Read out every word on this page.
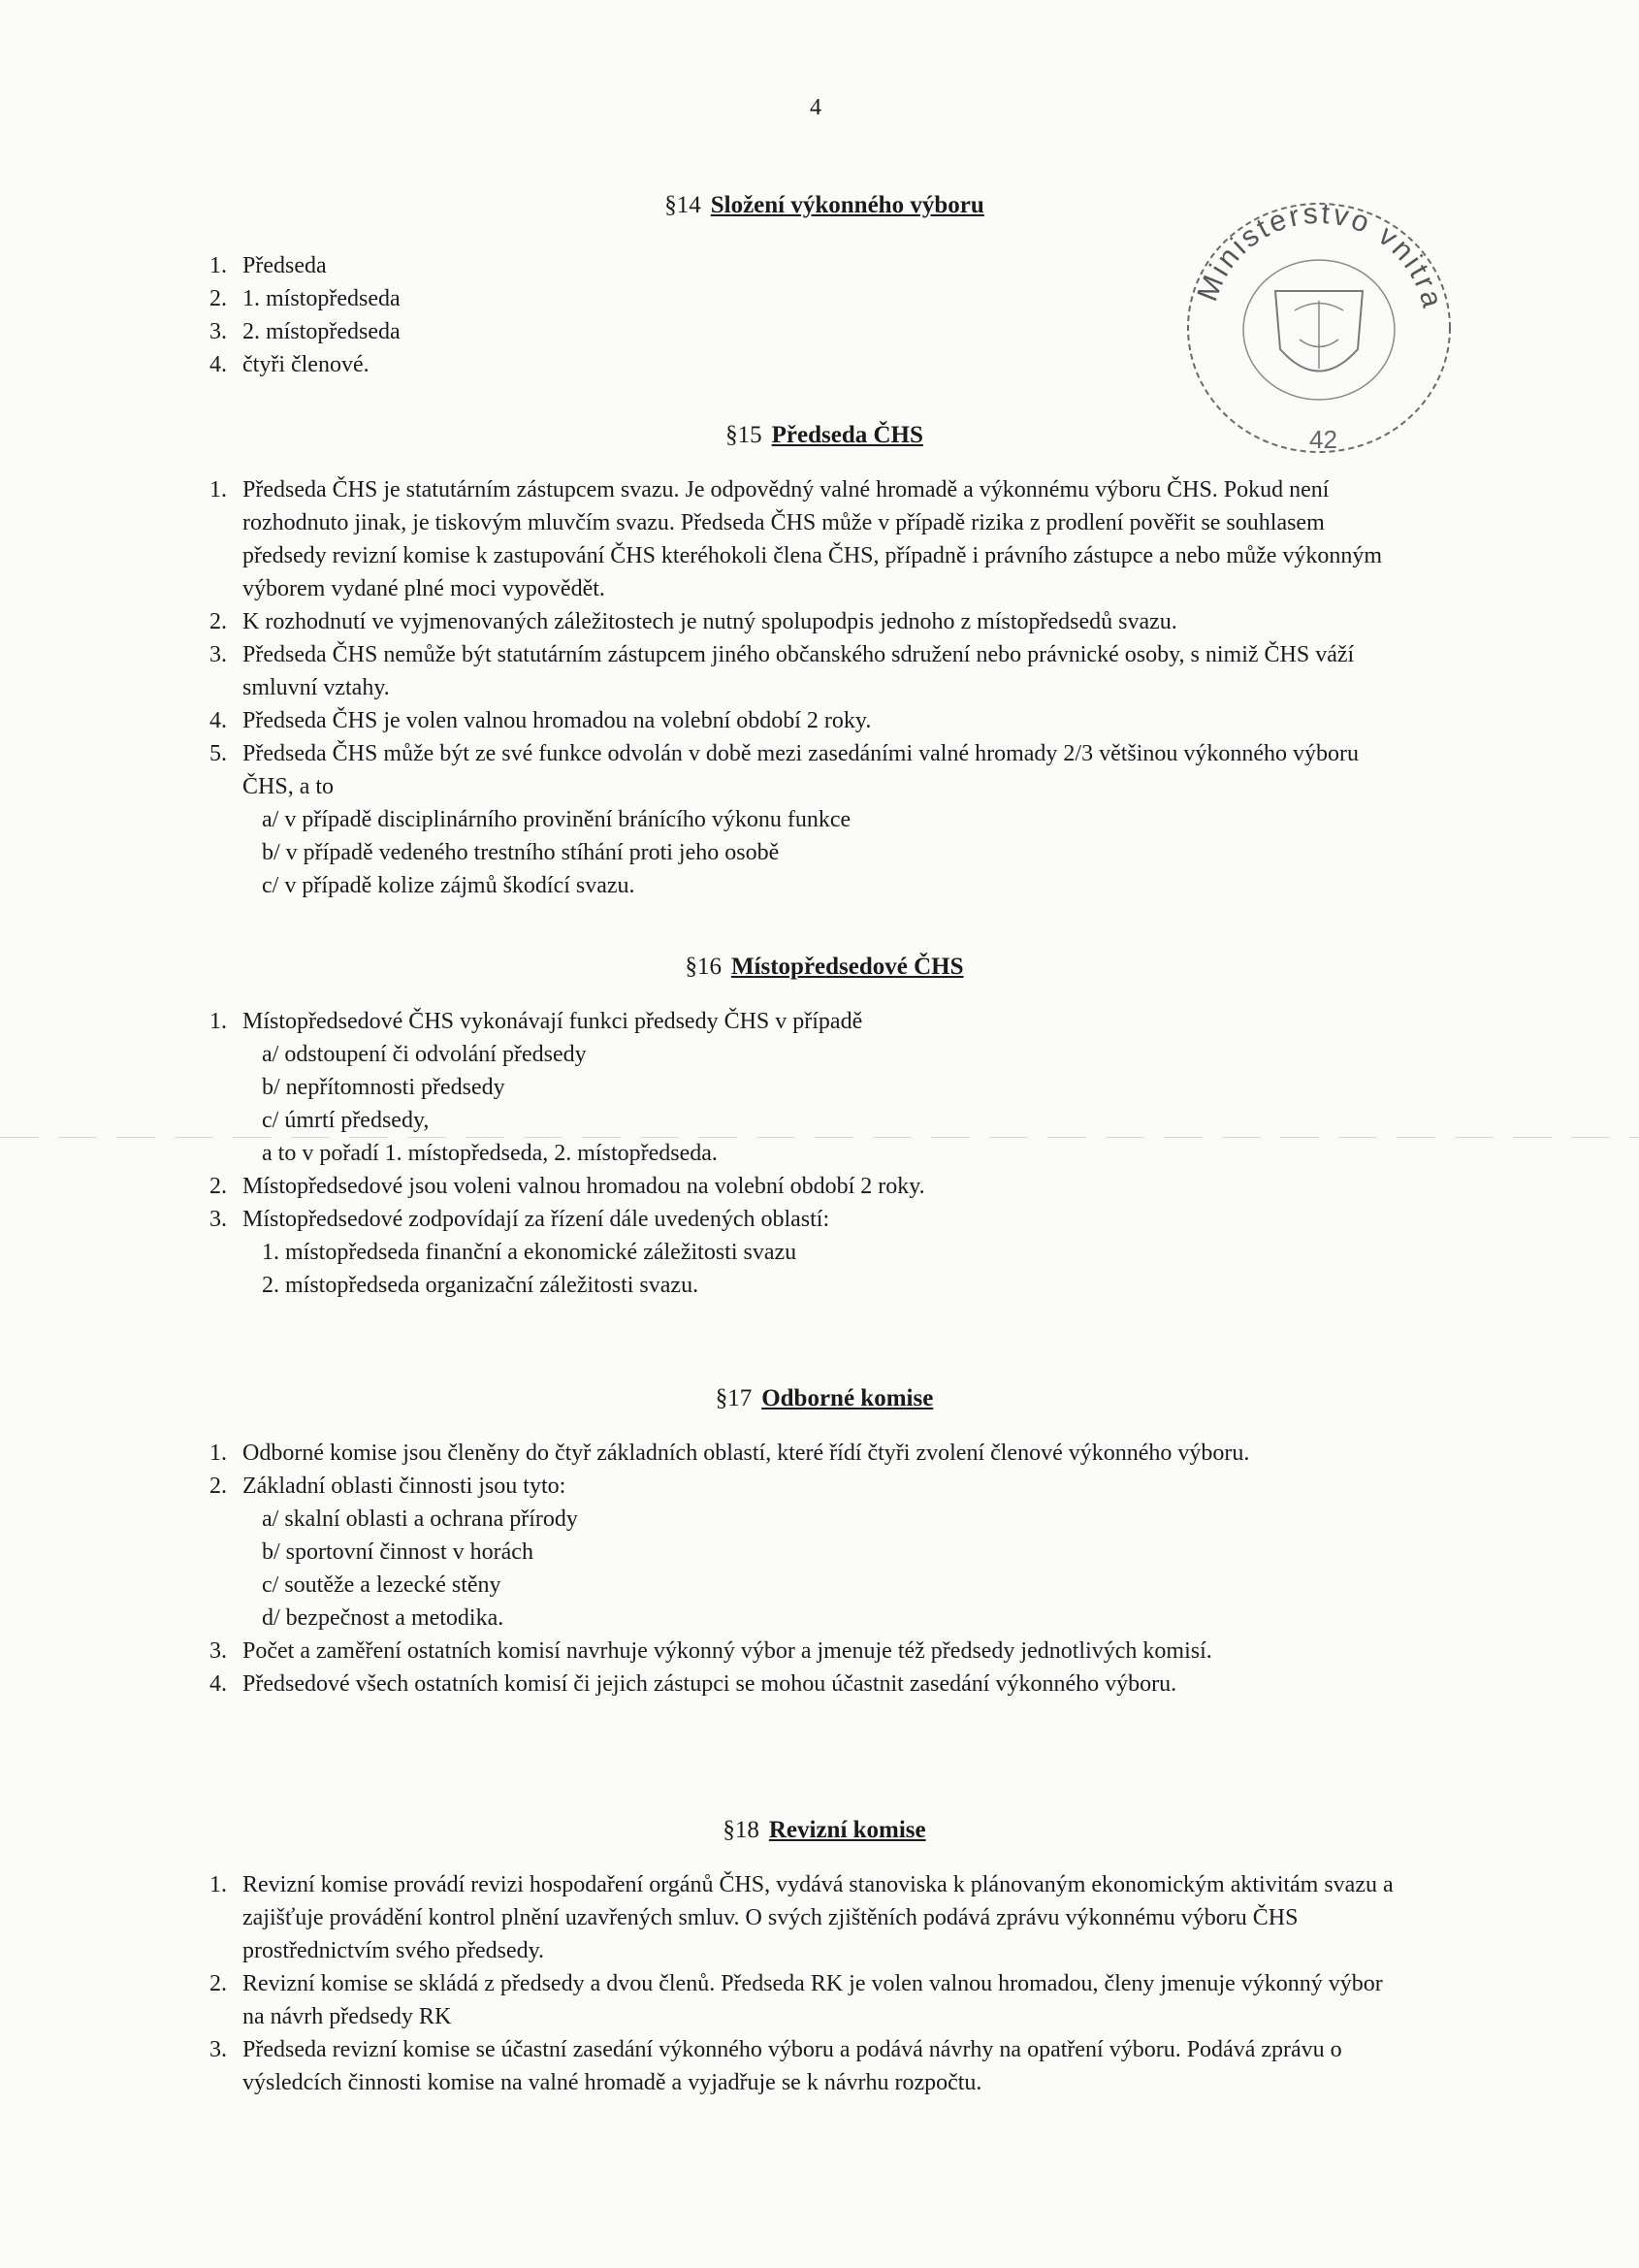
4
Ministerstvo vnitra
42
§14 Složení výkonného výboru
1. Předseda
2. 1. místopředseda
3. 2. místopředseda
4. čtyři členové.
§15 Předseda ČHS
1. Předseda ČHS je statutárním zástupcem svazu. Je odpovědný valné hromadě a výkonnému výboru ČHS. Pokud není rozhodnuto jinak, je tiskovým mluvčím svazu. Předseda ČHS může v případě rizika z prodlení pověřit se souhlasem předsedy revizní komise k zastupování ČHS kteréhokoli člena ČHS, případně i právního zástupce a nebo může výkonným výborem vydané plné moci vypovědět.
2. K rozhodnutí ve vyjmenovaných záležitostech je nutný spolupodpis jednoho z místopředsedů svazu.
3. Předseda ČHS nemůže být statutárním zástupcem jiného občanského sdružení nebo právnické osoby, s nimiž ČHS váží smluvní vztahy.
4. Předseda ČHS je volen valnou hromadou na volební období 2 roky.
5. Předseda ČHS může být ze své funkce odvolán v době mezi zasedáními valné hromady 2/3 většinou výkonného výboru ČHS, a to
a/ v případě disciplinárního provinění bránícího výkonu funkce
b/ v případě vedeného trestního stíhání proti jeho osobě
c/ v případě kolize zájmů škodící svazu.
§16 Místopředsedové ČHS
1. Místopředsedové ČHS vykonávají funkci předsedy ČHS v případě
a/ odstoupení či odvolání předsedy
b/ nepřítomnosti předsedy
c/ úmrtí předsedy,
a to v pořadí 1. místopředseda, 2. místopředseda.
2. Místopředsedové jsou voleni valnou hromadou na volební období 2 roky.
3. Místopředsedové zodpovídají za řízení dále uvedených oblastí:
1. místopředseda finanční a ekonomické záležitosti svazu
2. místopředseda organizační záležitosti svazu.
§17 Odborné komise
1. Odborné komise jsou členěny do čtyř základních oblastí, které řídí čtyři zvolení členové výkonného výboru.
2. Základní oblasti činnosti jsou tyto:
a/ skalní oblasti a ochrana přírody
b/ sportovní činnost v horách
c/ soutěže a lezecké stěny
d/ bezpečnost a metodika.
3. Počet a zaměření ostatních komisí navrhuje výkonný výbor a jmenuje též předsedy jednotlivých komisí.
4. Předsedové všech ostatních komisí či jejich zástupci se mohou účastnit zasedání výkonného výboru.
§18 Revizní komise
1. Revizní komise provádí revizi hospodaření orgánů ČHS, vydává stanoviska k plánovaným ekonomickým aktivitám svazu a zajišťuje provádění kontrol plnění uzavřených smluv. O svých zjištěních podává zprávu výkonnému výboru ČHS prostřednictvím svého předsedy.
2. Revizní komise se skládá z předsedy a dvou členů. Předseda RK je volen valnou hromadou, členy jmenuje výkonný výbor na návrh předsedy RK
3. Předseda revizní komise se účastní zasedání výkonného výboru a podává návrhy na opatření výboru. Podává zprávu o výsledcích činnosti komise na valné hromadě a vyjadřuje se k návrhu rozpočtu.
